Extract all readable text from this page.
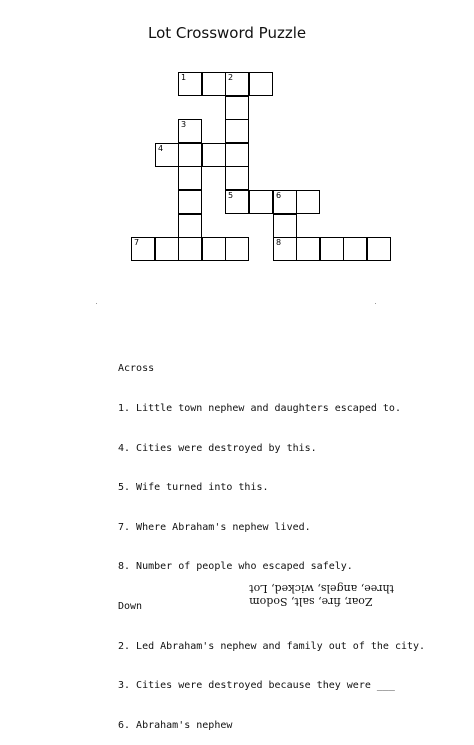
Lot Crossword Puzzle
1	2
3
4
5	6
7	8

Across

1. Little town nephew and daughters escaped to.

4. Cities were destroyed by this.

5. Wife turned into this.

7. Where Abraham's nephew lived.

8. Number of people who escaped safely.

Down

2. Led Abraham's nephew and family out of the city.

3. Cities were destroyed because they were ___

6. Abraham's nephew

Zoar, fire, salt, Sodom
three, angels, wicked, Lot
